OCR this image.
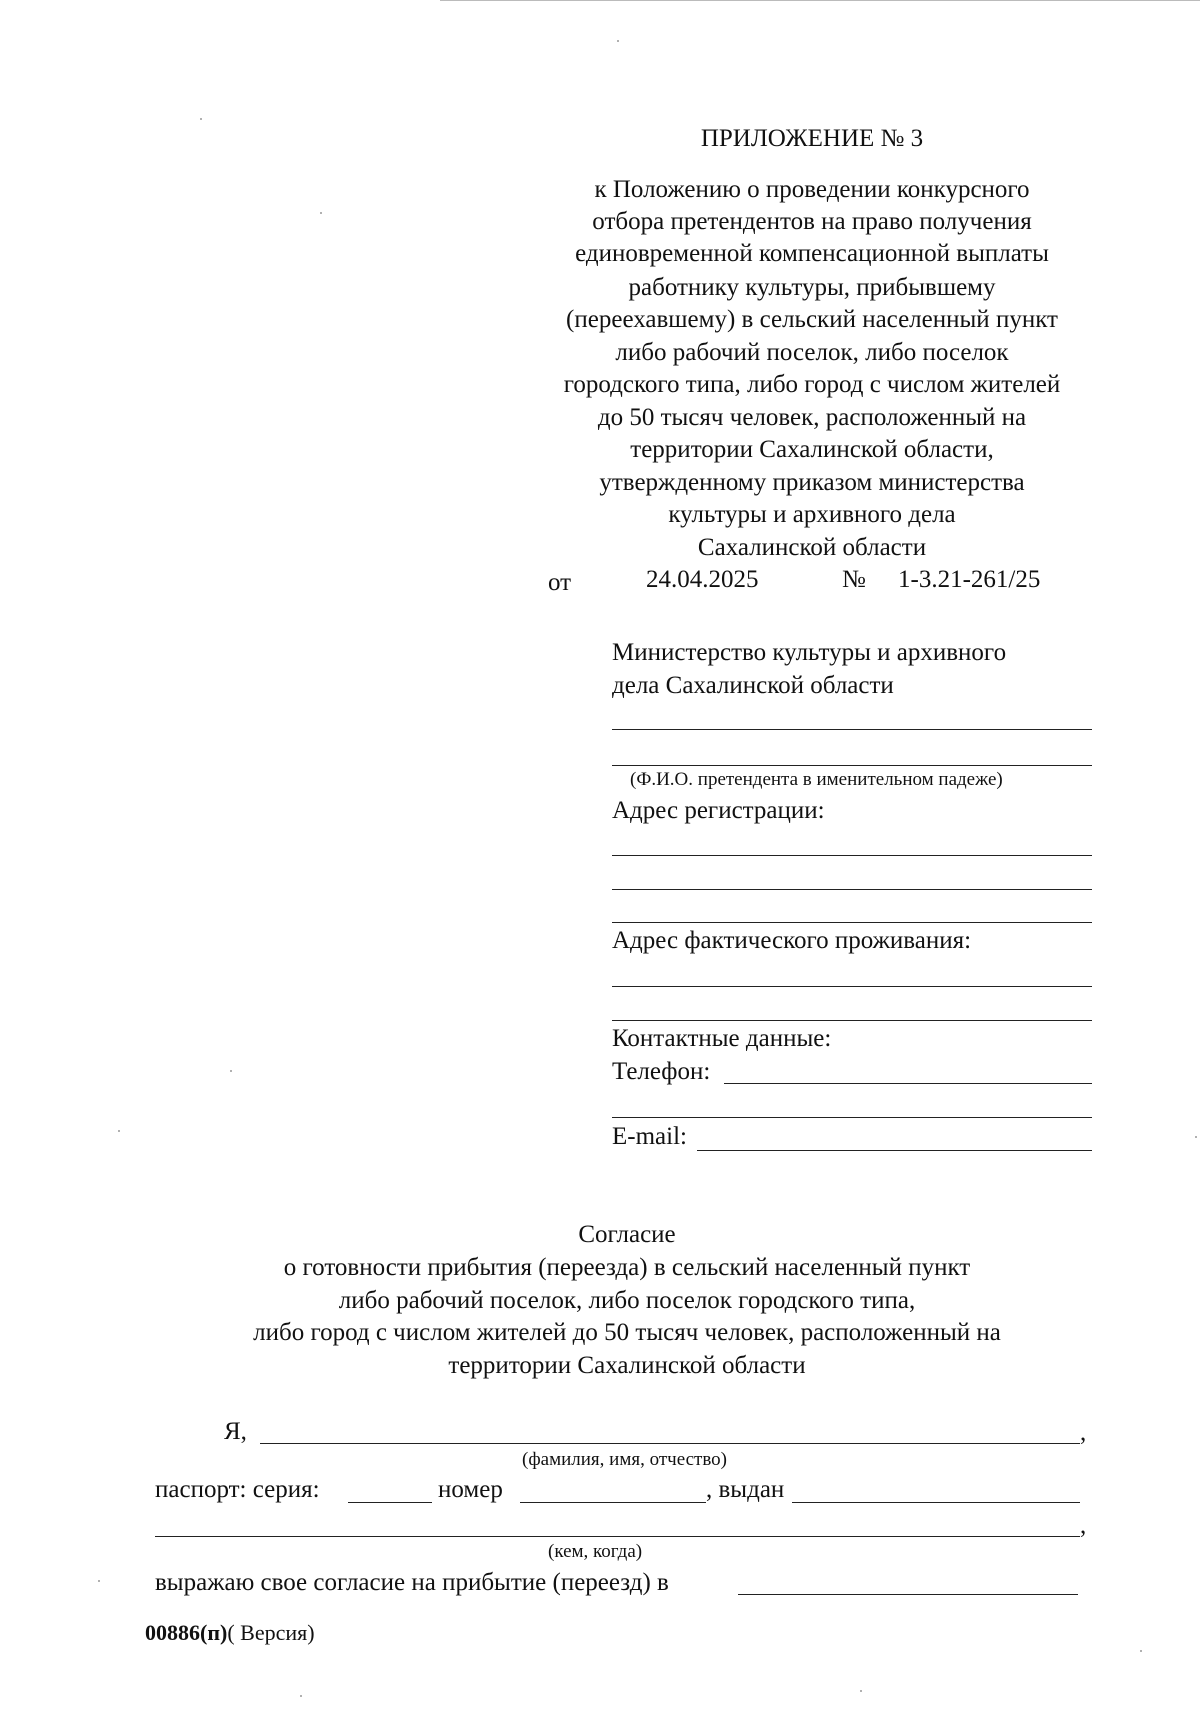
ПРИЛОЖЕНИЕ № 3
к Положению о проведении конкурсного
отбора претендентов на право получения
единовременной компенсационной выплаты
работнику культуры, прибывшему
(переехавшему) в сельский населенный пункт
либо рабочий поселок, либо поселок
городского типа, либо город с числом жителей
до 50 тысяч человек, расположенный на
территории Сахалинской области,
утвержденному приказом министерства
культуры и архивного дела
Сахалинской области
от	24.04.2025	№ 1-3.21-261/25
Министерство культуры и архивного
дела Сахалинской области
(Ф.И.О. претендента в именительном падеже)
Адрес регистрации:
Адрес фактического проживания:
Контактные данные:
Телефон:
E-mail:
Согласие
о готовности прибытия (переезда) в сельский населенный пункт
либо рабочий поселок, либо поселок городского типа,
либо город с числом жителей до 50 тысяч человек, расположенный на
территории Сахалинской области
Я,	,
(фамилия, имя, отчество)
паспорт: серия:	номер	, выдан
,
(кем, когда)
выражаю свое согласие на прибытие (переезд) в
00886(п)( Версия)
